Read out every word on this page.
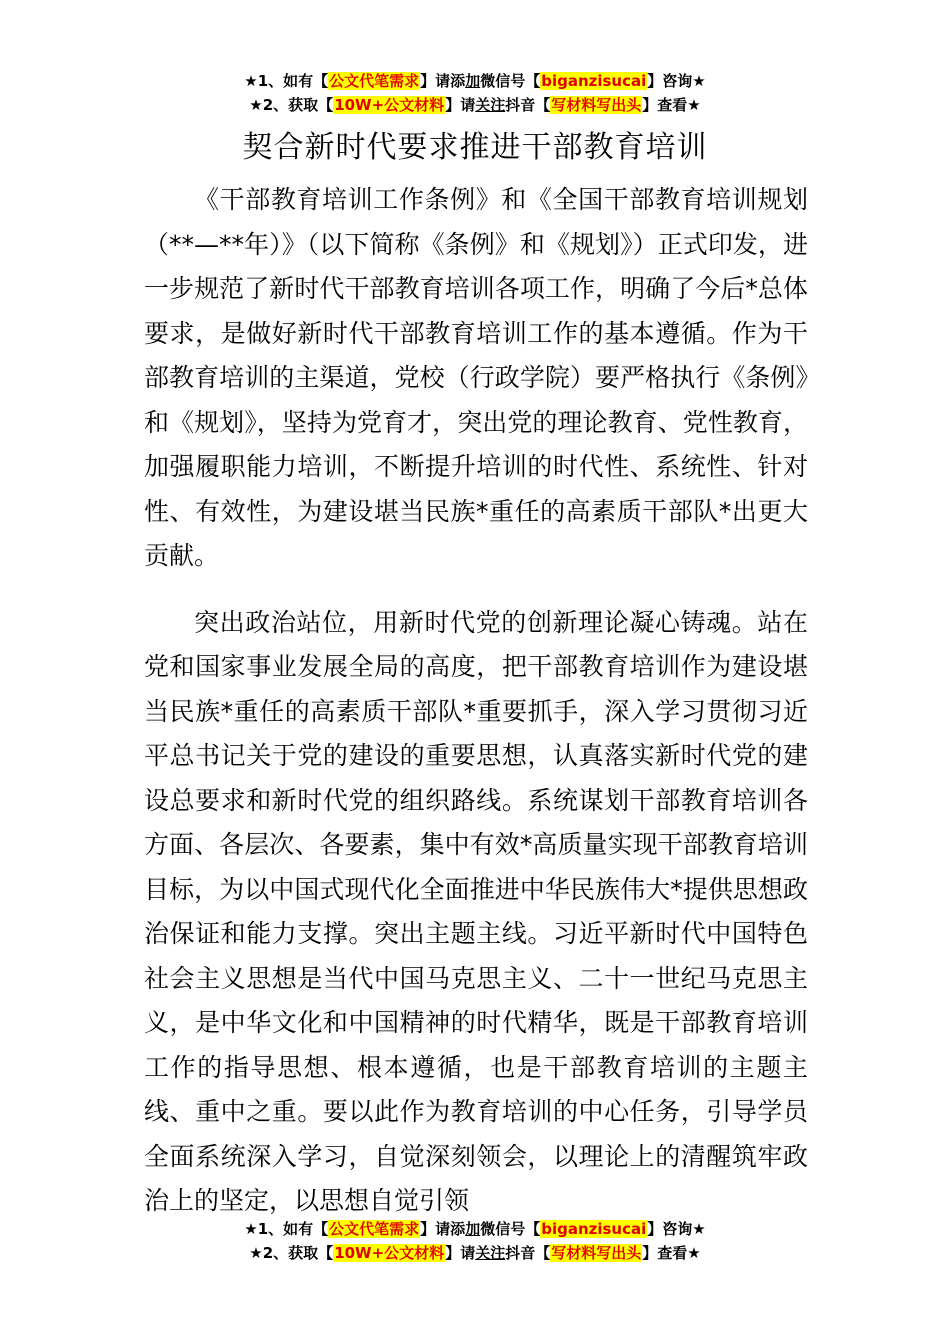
★1、如有【公文代笔需求】请添加微信号【biganzisucai】咨询★
★2、获取【10W+公文材料】请关注抖音【写材料写出头】查看★
契合新时代要求推进干部教育培训

《干部教育培训工作条例》和《全国干部教育培训规划（**—**年）》（以下简称《条例》和《规划》）正式印发，进一步规范了新时代干部教育培训各项工作，明确了今后*总体要求，是做好新时代干部教育培训工作的基本遵循。作为干部教育培训的主渠道，党校（行政学院）要严格执行《条例》和《规划》，坚持为党育才，突出党的理论教育、党性教育，加强履职能力培训，不断提升培训的时代性、系统性、针对性、有效性，为建设堪当民族*重任的高素质干部队*出更大贡献。

突出政治站位，用新时代党的创新理论凝心铸魂。站在党和国家事业发展全局的高度，把干部教育培训作为建设堪当民族*重任的高素质干部队*重要抓手，深入学习贯彻习近平总书记关于党的建设的重要思想，认真落实新时代党的建设总要求和新时代党的组织路线。系统谋划干部教育培训各方面、各层次、各要素，集中有效*高质量实现干部教育培训目标，为以中国式现代化全面推进中华民族伟大*提供思想政治保证和能力支撑。突出主题主线。习近平新时代中国特色社会主义思想是当代中国马克思主义、二十一世纪马克思主义，是中华文化和中国精神的时代精华，既是干部教育培训工作的指导思想、根本遵循，也是干部教育培训的主题主线、重中之重。要以此作为教育培训的中心任务，引导学员全面系统深入学习，自觉深刻领会，以理论上的清醒筑牢政治上的坚定，以思想自觉引领

★1、如有【公文代笔需求】请添加微信号【biganzisucai】咨询★
★2、获取【10W+公文材料】请关注抖音【写材料写出头】查看★
